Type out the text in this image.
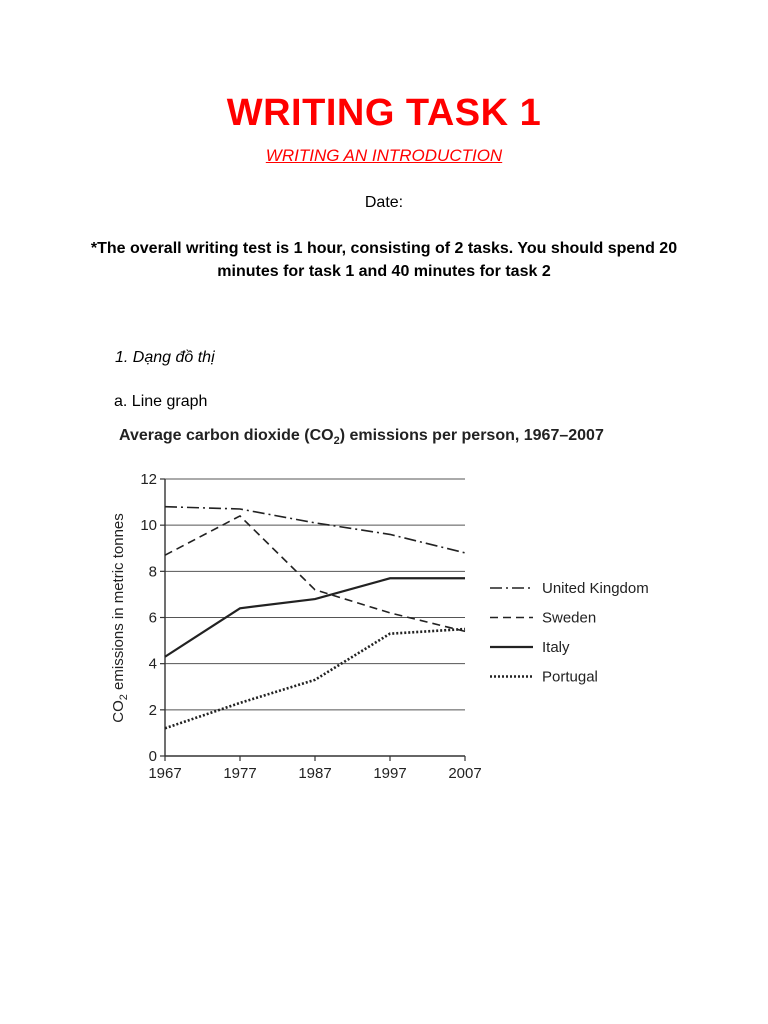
WRITING TASK 1
WRITING AN INTRODUCTION
Date:
*The overall writing test is 1 hour, consisting of 2 tasks. You should spend 20 minutes for task 1 and 40 minutes for task 2
1. Dạng đồ thị
a. Line graph
Average carbon dioxide $(CO_2)$ emissions per person, 1967–2007
0
2
4
6
8
10
12
1967	1977	1987	1997	2007
$CO_2$ emissions in metric tonnes	United Kingdom
Sweden
Italy
Portugal
